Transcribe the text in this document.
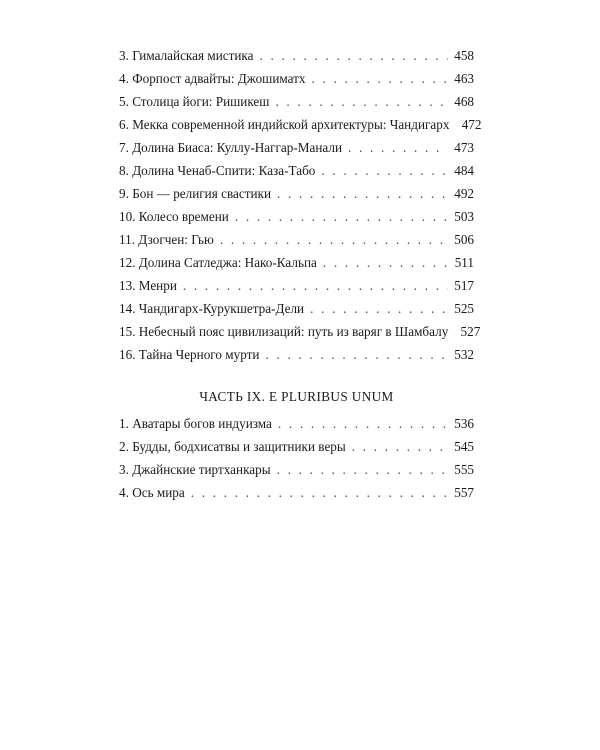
3. Гималайская мистика . . .	458
4. Форпост адвайты: Джошиматх . . .	463
5. Столица йоги: Ришикеш . . .	468
6. Мекка современной индийской архитектуры: Чандигарх 472
7. Долина Биаса: Куллу-Наггар-Манали . . .	473
8. Долина Ченаб-Спити: Каза-Табо . . .	484
9. Бон — религия свастики . . .	492
10. Колесо времени . . .	503
11. Дзогчен: Гью . . .	506
12. Долина Сатледжа: Нако-Кальпа . . .	511
13. Менри . . .	517
14. Чандигарх-Курукшетра-Дели . . .	525
15. Небесный пояс цивилизаций: путь из варяг в Шамбалу 527
16. Тайна Черного мурти . . .	532
ЧАСТЬ IX. E PLURIBUS UNUM
1. Аватары богов индуизма . . .	536
2. Будды, бодхисатвы и защитники веры . . .	545
3. Джайнские тиртханкары . . .	555
4. Ось мира . . .	557
